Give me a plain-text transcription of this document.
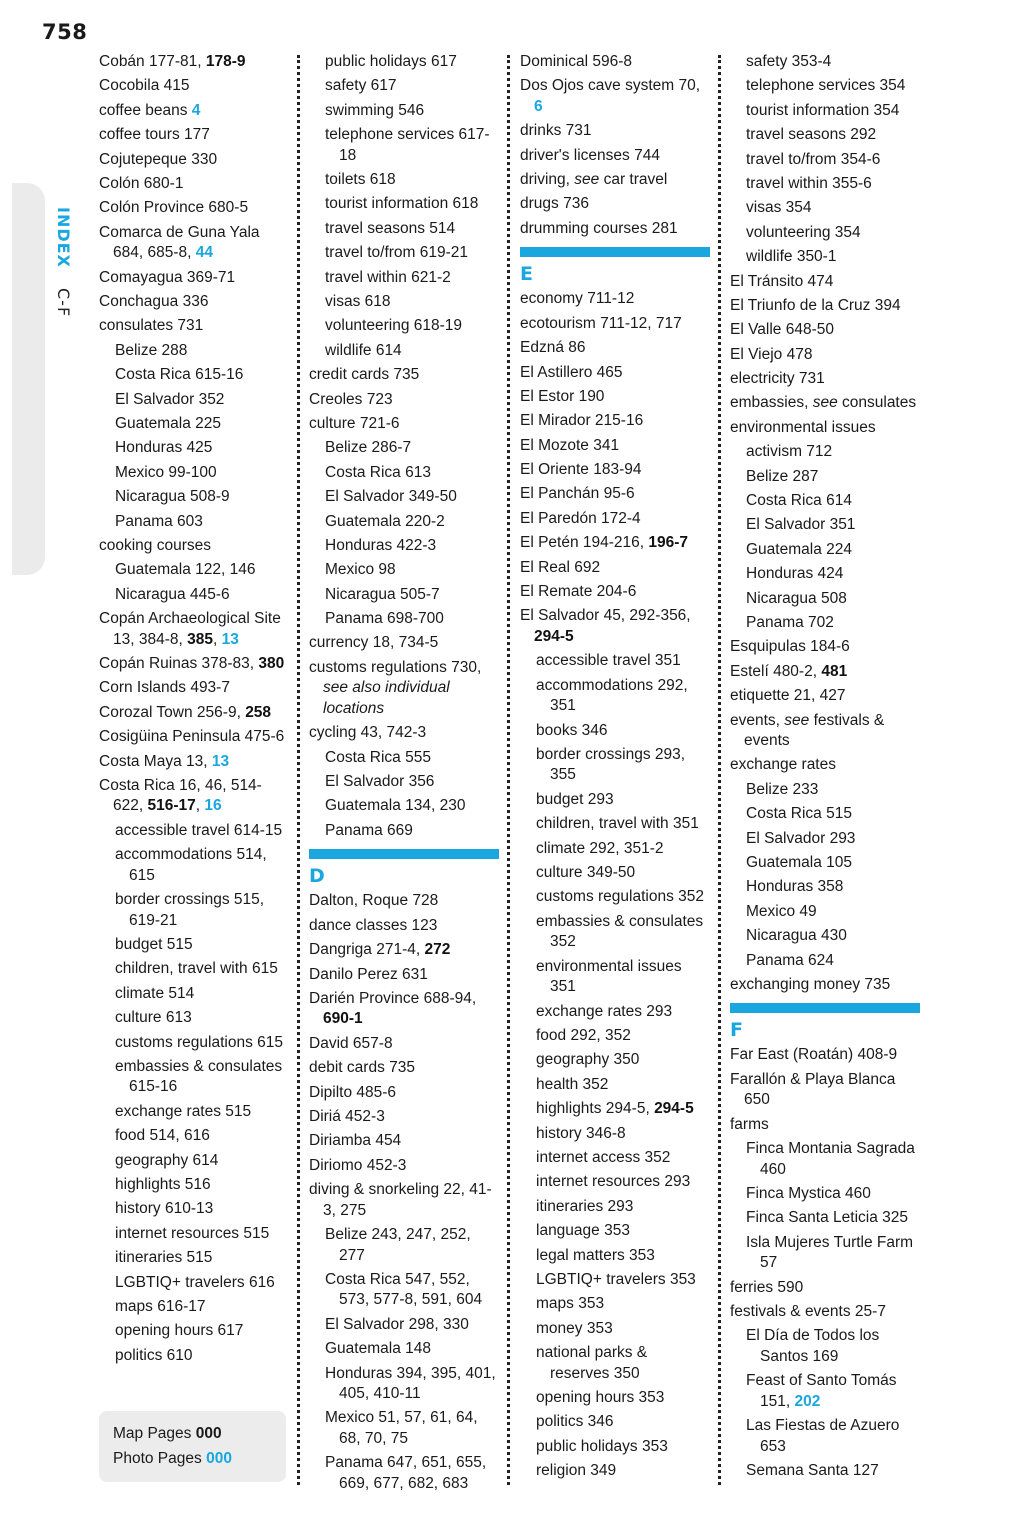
758
INDEX C-F
Cobán 177-81, 178-9
Cocobila 415
coffee beans 4
coffee tours 177
Cojutepeque 330
Colón 680-1
Colón Province 680-5
Comarca de Guna Yala 684, 685-8, 44
Comayagua 369-71
Conchagua 336
consulates 731
Belize 288
Costa Rica 615-16
El Salvador 352
Guatemala 225
Honduras 425
Mexico 99-100
Nicaragua 508-9
Panama 603
cooking courses
Guatemala 122, 146
Nicaragua 445-6
Copán Archaeological Site 13, 384-8, 385, 13
Copán Ruinas 378-83, 380
Corn Islands 493-7
Corozal Town 256-9, 258
Cosigüina Peninsula 475-6
Costa Maya 13, 13
Costa Rica 16, 46, 514-622, 516-17, 16
accessible travel 614-15
accommodations 514, 615
border crossings 515, 619-21
budget 515
children, travel with 615
climate 514
culture 613
customs regulations 615
embassies & consulates 615-16
exchange rates 515
food 514, 616
geography 614
highlights 516
history 610-13
internet resources 515
itineraries 515
LGBTIQ+ travelers 616
maps 616-17
opening hours 617
politics 610
public holidays 617
safety 617
swimming 546
telephone services 617-18
toilets 618
tourist information 618
travel seasons 514
travel to/from 619-21
travel within 621-2
visas 618
volunteering 618-19
wildlife 614
credit cards 735
Creoles 723
culture 721-6
Belize 286-7
Costa Rica 613
El Salvador 349-50
Guatemala 220-2
Honduras 422-3
Mexico 98
Nicaragua 505-7
Panama 698-700
currency 18, 734-5
customs regulations 730, see also individual locations
cycling 43, 742-3
Costa Rica 555
El Salvador 356
Guatemala 134, 230
Panama 669
D
Dalton, Roque 728
dance classes 123
Dangriga 271-4, 272
Danilo Perez 631
Darién Province 688-94, 690-1
David 657-8
debit cards 735
Dipilto 485-6
Diriá 452-3
Diriamba 454
Diriomo 452-3
diving & snorkeling 22, 41-3, 275
Belize 243, 247, 252, 277
Costa Rica 547, 552, 573, 577-8, 591, 604
El Salvador 298, 330
Guatemala 148
Honduras 394, 395, 401, 405, 410-11
Mexico 51, 57, 61, 64, 68, 70, 75
Panama 647, 651, 655, 669, 677, 682, 683
Dominical 596-8
Dos Ojos cave system 70, 6
drinks 731
driver's licenses 744
driving, see car travel
drugs 736
drumming courses 281
E
economy 711-12
ecotourism 711-12, 717
Edzná 86
El Astillero 465
El Estor 190
El Mirador 215-16
El Mozote 341
El Oriente 183-94
El Panchán 95-6
El Paredón 172-4
El Petén 194-216, 196-7
El Real 692
El Remate 204-6
El Salvador 45, 292-356, 294-5
accessible travel 351
accommodations 292, 351
books 346
border crossings 293, 355
budget 293
children, travel with 351
climate 292, 351-2
culture 349-50
customs regulations 352
embassies & consulates 352
environmental issues 351
exchange rates 293
food 292, 352
geography 350
health 352
highlights 294-5, 294-5
history 346-8
internet access 352
internet resources 293
itineraries 293
language 353
legal matters 353
LGBTIQ+ travelers 353
maps 353
money 353
national parks & reserves 350
opening hours 353
politics 346
public holidays 353
religion 349
safety 353-4
telephone services 354
tourist information 354
travel seasons 292
travel to/from 354-6
travel within 355-6
visas 354
volunteering 354
wildlife 350-1
El Tránsito 474
El Triunfo de la Cruz 394
El Valle 648-50
El Viejo 478
electricity 731
embassies, see consulates
environmental issues
activism 712
Belize 287
Costa Rica 614
El Salvador 351
Guatemala 224
Honduras 424
Nicaragua 508
Panama 702
Esquipulas 184-6
Estelí 480-2, 481
etiquette 21, 427
events, see festivals & events
exchange rates
Belize 233
Costa Rica 515
El Salvador 293
Guatemala 105
Honduras 358
Mexico 49
Nicaragua 430
Panama 624
exchanging money 735
F
Far East (Roatán) 408-9
Farallón & Playa Blanca 650
farms
Finca Montania Sagrada 460
Finca Mystica 460
Finca Santa Leticia 325
Isla Mujeres Turtle Farm 57
ferries 590
festivals & events 25-7
El Día de Todos los Santos 169
Feast of Santo Tomás 151, 202
Las Fiestas de Azuero 653
Semana Santa 127
Map Pages 000
Photo Pages 000
